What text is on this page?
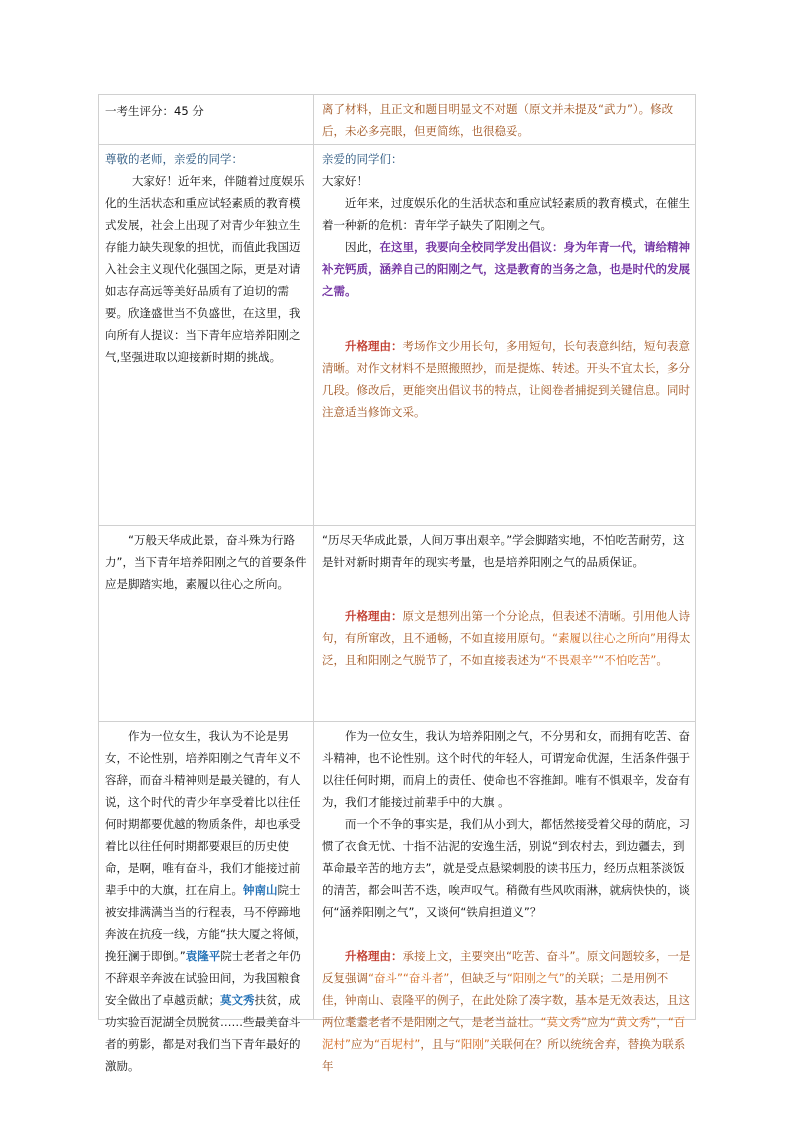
一考生评分：45 分	离了材料，且正文和题目明显文不对题（原文并未提及“武力”）。修改后，未必多亮眼，但更简练，也很稳妥。

尊敬的老师，亲爱的同学：

大家好！近年来，伴随着过度娱乐化的生活状态和重应试轻素质的教育模式发展，社会上出现了对青少年独立生存能力缺失现象的担忧，而值此我国迈入社会主义现代化强国之际，更是对请如志存高远等美好品质有了迫切的需要。欣逢盛世当不负盛世，在这里，我向所有人提议：当下青年应培养阳刚之气,坚强进取以迎接新时期的挑战。

亲爱的同学们：

大家好！

近年来，过度娱乐化的生活状态和重应试轻素质的教育模式，在催生着一种新的危机：青年学子缺失了阳刚之气。

因此，在这里，我要向全校同学发出倡议：身为年青一代，请给精神补充钙质，涵养自己的阳刚之气，这是教育的当务之急，也是时代的发展之需。

升格理由：考场作文少用长句，多用短句，长句表意纠结，短句表意清晰。对作文材料不是照搬照抄，而是提炼、转述。开头不宜太长，多分几段。修改后，更能突出倡议书的特点，让阅卷者捕捉到关键信息。同时注意适当修饰文采。

“万般天华成此景，奋斗殊为行路力”，当下青年培养阳刚之气的首要条件应是脚踏实地，素履以往心之所向。

“历尽天华成此景，人间万事出艰辛。”学会脚踏实地，不怕吃苦耐劳，这是针对新时期青年的现实考量，也是培养阳刚之气的品质保证。

升格理由：原文是想列出第一个分论点，但表述不清晰。引用他人诗句，有所窜改，且不通畅，不如直接用原句。“素履以往心之所向”用得太泛，且和阳刚之气脱节了，不如直接表述为“不畏艰辛”“不怕吃苦”。

作为一位女生，我认为不论是男女，不论性别，培养阳刚之气青年义不容辞，而奋斗精神则是最关键的，有人说，这个时代的青少年享受着比以往任何时期都要优越的物质条件，却也承受着比以往任何时期都要艰巨的历史使命，是啊，唯有奋斗，我们才能接过前辈手中的大旗，扛在肩上。钟南山院士被安排满满当当的行程表，马不停蹄地奔波在抗疫一线，方能“扶大厦之将倾，挽狂澜于即倒。”袁隆平院士老者之年仍不辞艰辛奔波在试验田间，为我国粮食安全做出了卓越贡献；莫文秀扶贫，成功实验百泥湖全员脱贫……些最美奋斗者的剪影，都是对我们当下青年最好的激励。

作为一位女生，我认为培养阳刚之气，不分男和女，而拥有吃苦、奋斗精神，也不论性别。这个时代的年轻人，可谓宠命优渥，生活条件强于以往任何时期，而肩上的责任、使命也不容推卸。唯有不惧艰辛，发奋有为，我们才能接过前辈手中的大旗 。

而一个不争的事实是，我们从小到大，都恬然接受着父母的荫庇，习惯了衣食无忧、十指不沾泥的安逸生活，别说“到农村去，到边疆去，到革命最辛苦的地方去”，就是受点悬梁刺股的读书压力，经历点粗茶淡饭的清苦，都会叫苦不迭，唉声叹气。稍微有些风吹雨淋，就病快快的，谈何“涵养阳刚之气”，又谈何“铁肩担道义”？

升格理由：承接上文，主要突出“吃苦、奋斗”。原文问题较多，一是反复强调“奋斗”“奋斗者”，但缺乏与“阳刚之气”的关联；二是用例不佳，钟南山、袁隆平的例子，在此处除了凑字数，基本是无效表达，且这两位耄耋老者不是阳刚之气，是老当益壮。“莫文秀”应为“黄文秀”，“百泥村”应为“百坭村”，且与“阳刚”关联何在？所以统统舍弃，替换为联系年
